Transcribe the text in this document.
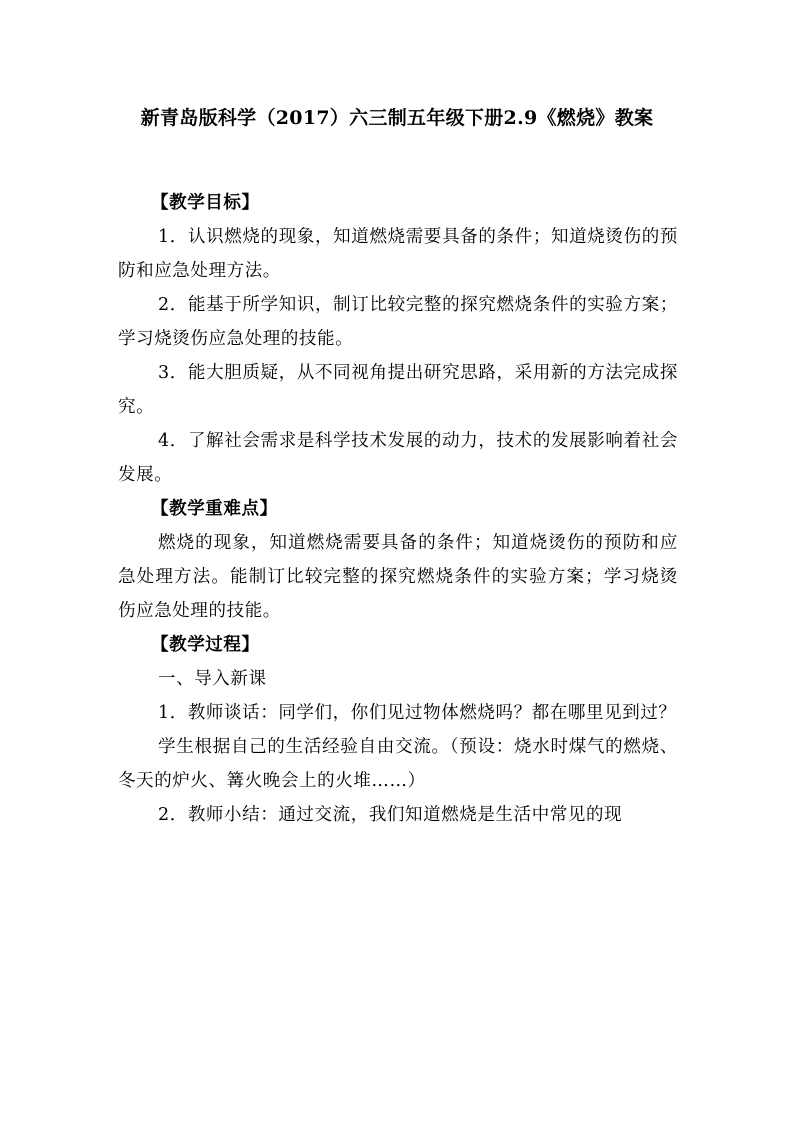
新青岛版科学（2017）六三制五年级下册2.9《燃烧》教案

【教学目标】

1．认识燃烧的现象，知道燃烧需要具备的条件；知道烧烫伤的预防和应急处理方法。

2．能基于所学知识，制订比较完整的探究燃烧条件的实验方案；学习烧烫伤应急处理的技能。

3．能大胆质疑，从不同视角提出研究思路，采用新的方法完成探究。

4．了解社会需求是科学技术发展的动力，技术的发展影响着社会发展。

【教学重难点】

燃烧的现象，知道燃烧需要具备的条件；知道烧烫伤的预防和应急处理方法。能制订比较完整的探究燃烧条件的实验方案；学习烧烫伤应急处理的技能。

【教学过程】

一、导入新课

1．教师谈话：同学们，你们见过物体燃烧吗？都在哪里见到过？

学生根据自己的生活经验自由交流。（预设：烧水时煤气的燃烧、冬天的炉火、篝火晚会上的火堆……）

2．教师小结：通过交流，我们知道燃烧是生活中常见的现
